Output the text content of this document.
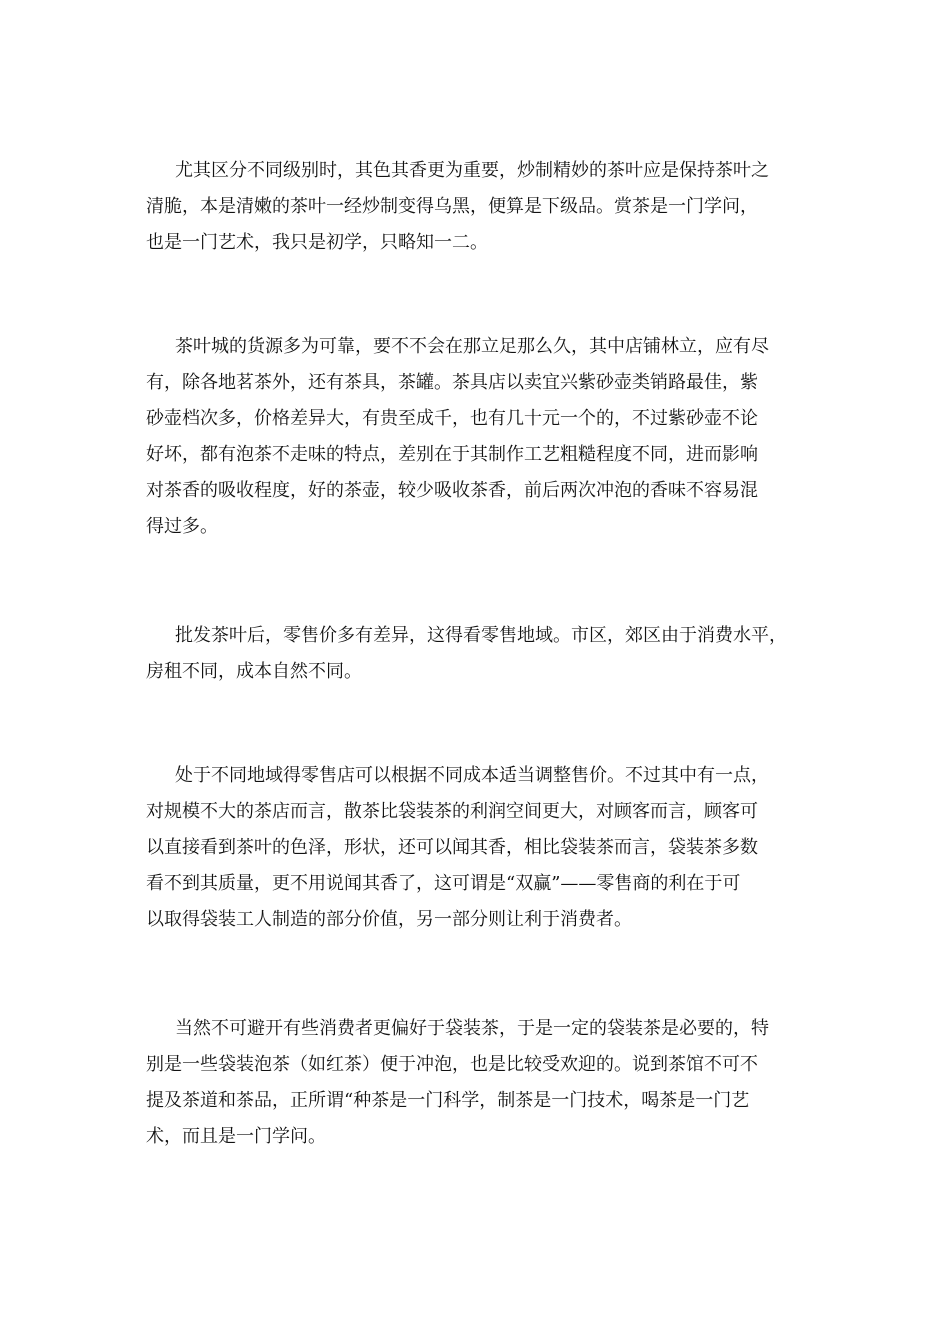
尤其区分不同级别时，其色其香更为重要，炒制精妙的茶叶应是保持茶叶之
清脆，本是清嫩的茶叶一经炒制变得乌黑，便算是下级品。赏茶是一门学问，
也是一门艺术，我只是初学，只略知一二。
茶叶城的货源多为可靠，要不不会在那立足那么久，其中店铺林立，应有尽
有，除各地茗茶外，还有茶具，茶罐。茶具店以卖宜兴紫砂壶类销路最佳，紫
砂壶档次多，价格差异大，有贵至成千，也有几十元一个的，不过紫砂壶不论
好坏，都有泡茶不走味的特点，差别在于其制作工艺粗糙程度不同，进而影响
对茶香的吸收程度，好的茶壶，较少吸收茶香，前后两次冲泡的香味不容易混
得过多。
批发茶叶后，零售价多有差异，这得看零售地域。市区，郊区由于消费水平，
房租不同，成本自然不同。
处于不同地域得零售店可以根据不同成本适当调整售价。不过其中有一点，
对规模不大的茶店而言，散茶比袋装茶的利润空间更大，对顾客而言，顾客可
以直接看到茶叶的色泽，形状，还可以闻其香，相比袋装茶而言，袋装茶多数
看不到其质量，更不用说闻其香了，这可谓是“双赢”——零售商的利在于可
以取得袋装工人制造的部分价值，另一部分则让利于消费者。
当然不可避开有些消费者更偏好于袋装茶，于是一定的袋装茶是必要的，特
别是一些袋装泡茶（如红茶）便于冲泡，也是比较受欢迎的。说到茶馆不可不
提及茶道和茶品，正所谓“种茶是一门科学，制茶是一门技术，喝茶是一门艺
术，而且是一门学问。
